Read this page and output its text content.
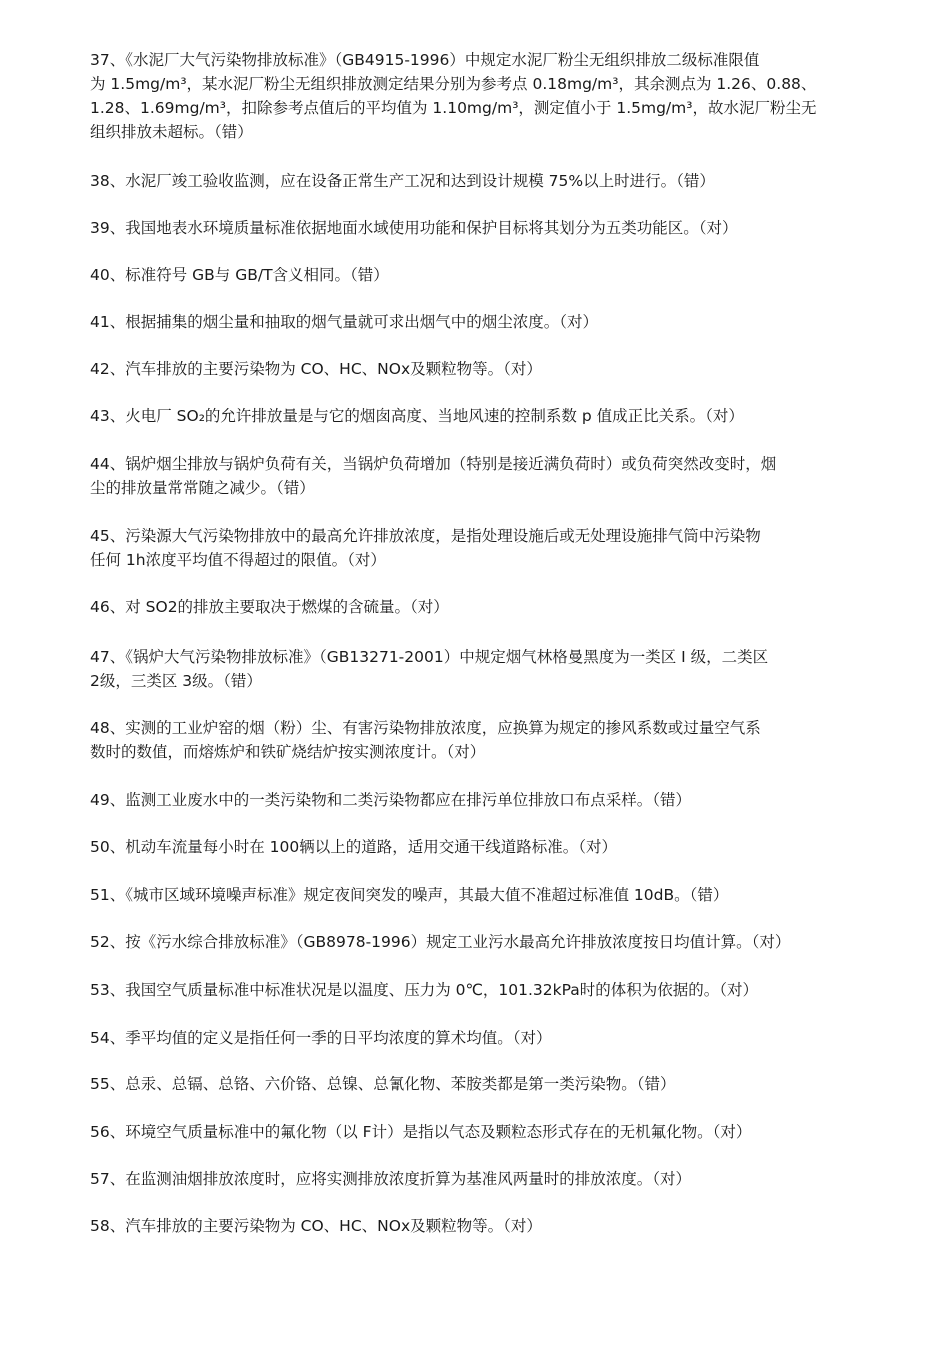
37、《水泥厂大气污染物排放标准》（GB4915-1996）中规定水泥厂粉尘无组织排放二级标准限值
为 1.5mg/m³，某水泥厂粉尘无组织排放测定结果分别为参考点 0.18mg/m³，其余测点为 1.26、0.88、
1.28、1.69mg/m³，扣除参考点值后的平均值为 1.10mg/m³，测定值小于 1.5mg/m³，故水泥厂粉尘无
组织排放未超标。（错）

38、水泥厂竣工验收监测，应在设备正常生产工况和达到设计规模 75%以上时进行。（错）

39、我国地表水环境质量标准依据地面水域使用功能和保护目标将其划分为五类功能区。（对）

40、标准符号 GB与 GB/T含义相同。（错）

41、根据捕集的烟尘量和抽取的烟气量就可求出烟气中的烟尘浓度。（对）

42、汽车排放的主要污染物为 CO、HC、NOx及颗粒物等。（对）

43、火电厂 SO₂的允许排放量是与它的烟囱高度、当地风速的控制系数 p 值成正比关系。（对）

44、锅炉烟尘排放与锅炉负荷有关，当锅炉负荷增加（特别是接近满负荷时）或负荷突然改变时，烟
尘的排放量常常随之减少。（错）

45、污染源大气污染物排放中的最高允许排放浓度，是指处理设施后或无处理设施排气筒中污染物
任何 1h浓度平均值不得超过的限值。（对）

46、对 SO2的排放主要取决于燃煤的含硫量。（对）

47、《锅炉大气污染物排放标准》（GB13271-2001）中规定烟气林格曼黑度为一类区 I 级，二类区
2级，三类区 3级。（错）

48、实测的工业炉窑的烟（粉）尘、有害污染物排放浓度，应换算为规定的掺风系数或过量空气系
数时的数值，而熔炼炉和铁矿烧结炉按实测浓度计。（对）

49、监测工业废水中的一类污染物和二类污染物都应在排污单位排放口布点采样。（错）

50、机动车流量每小时在 100辆以上的道路，适用交通干线道路标准。（对）

51、《城市区域环境噪声标准》规定夜间突发的噪声，其最大值不准超过标准值 10dB。（错）

52、按《污水综合排放标准》（GB8978-1996）规定工业污水最高允许排放浓度按日均值计算。（对）

53、我国空气质量标准中标准状况是以温度、压力为 0℃，101.32kPa时的体积为依据的。（对）

54、季平均值的定义是指任何一季的日平均浓度的算术均值。（对）

55、总汞、总镉、总铬、六价铬、总镍、总氰化物、苯胺类都是第一类污染物。（错）

56、环境空气质量标准中的氟化物（以 F计）是指以气态及颗粒态形式存在的无机氟化物。（对）

57、在监测油烟排放浓度时，应将实测排放浓度折算为基准风两量时的排放浓度。（对）

58、汽车排放的主要污染物为 CO、HC、NOx及颗粒物等。（对）
